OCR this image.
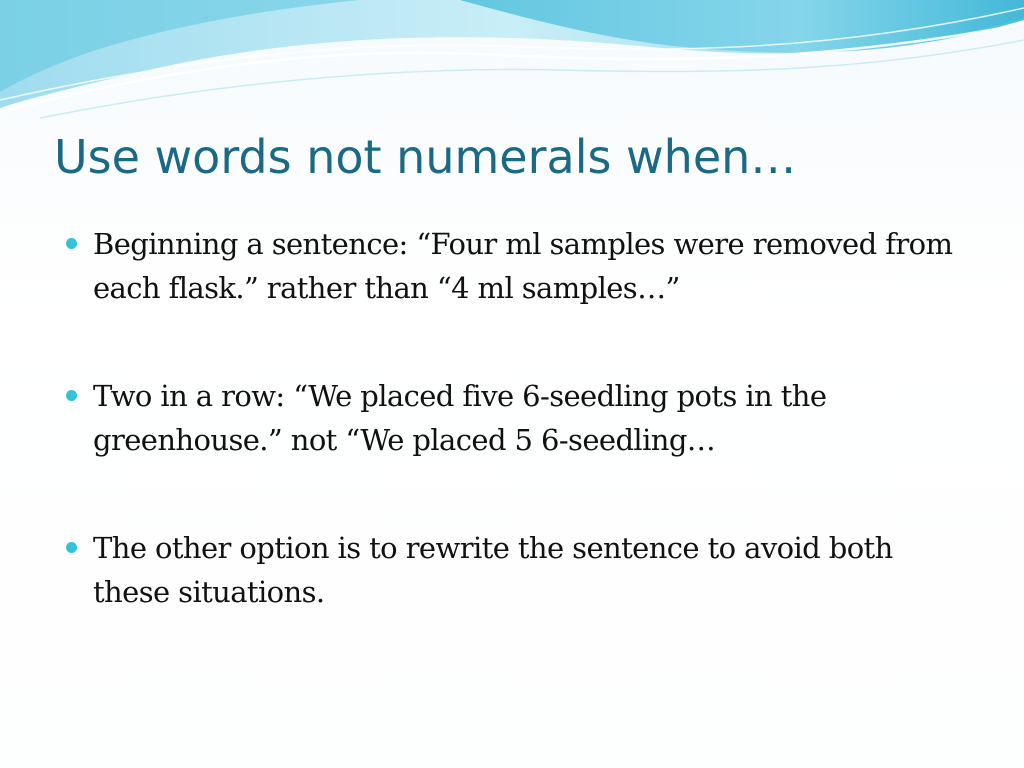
Use words not numerals when…
Beginning a sentence: “Four ml samples were removed from each flask.” rather than “4 ml samples…”
Two in a row: “We placed five 6-seedling pots in the greenhouse.” not “We placed 5 6-seedling…
The other option is to rewrite the sentence to avoid both these situations.
